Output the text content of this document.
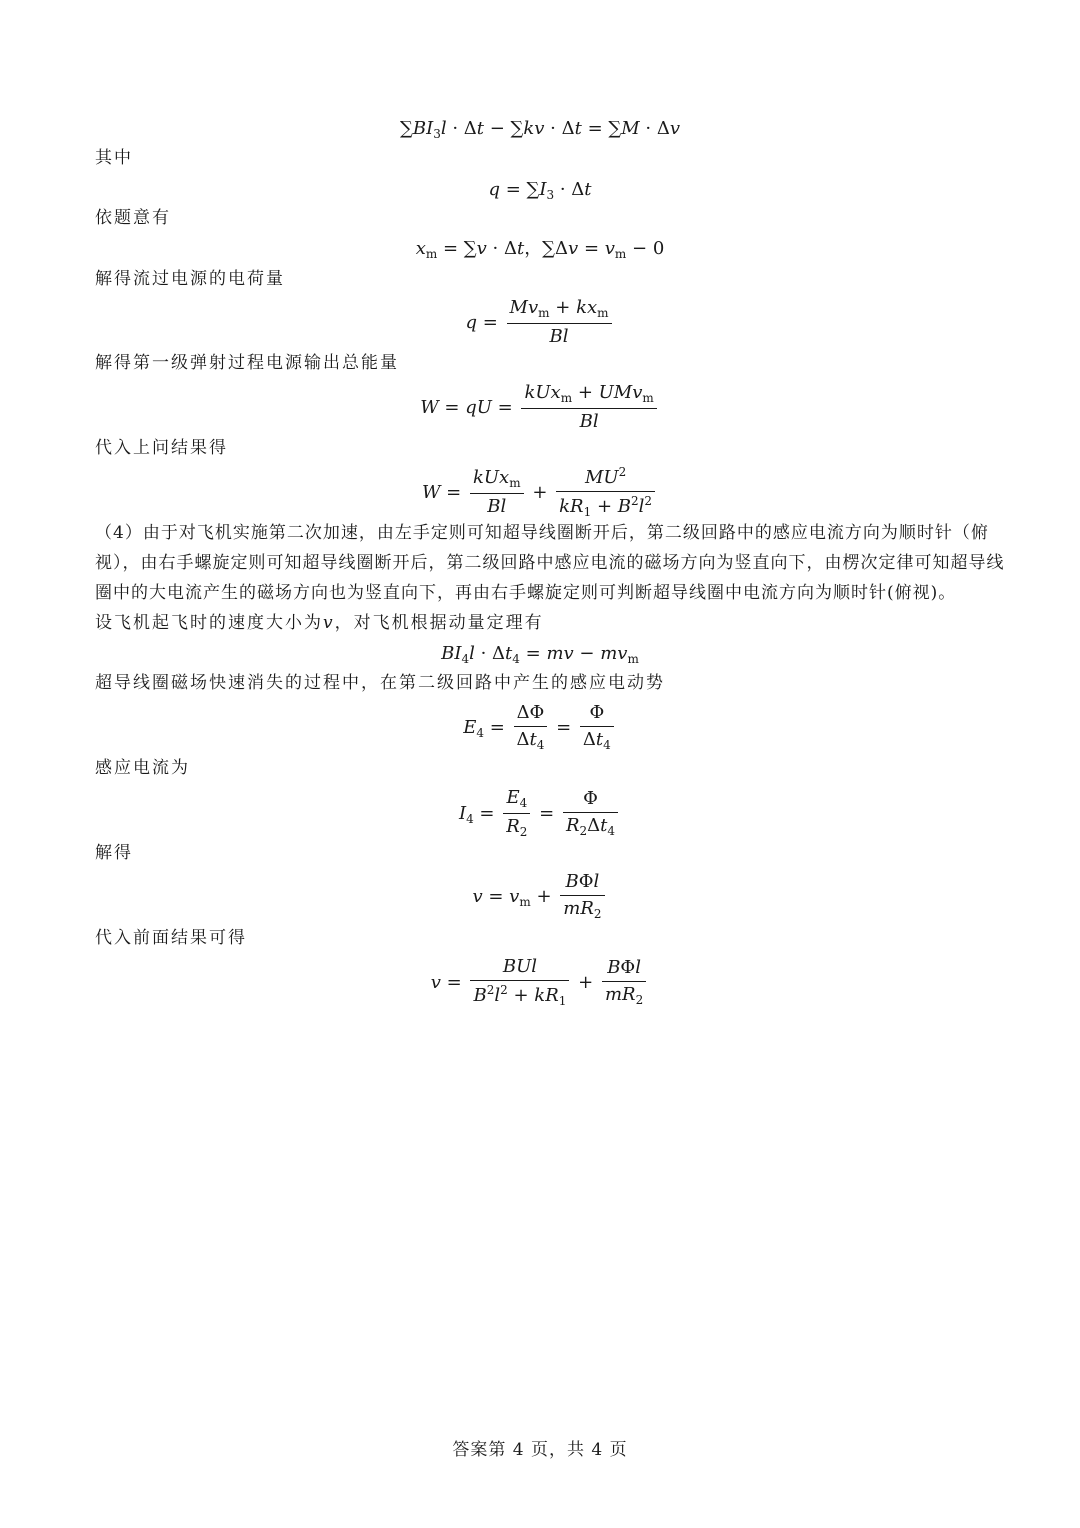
$\sum BI_3l \cdot \Delta t - \sum kv \cdot \Delta t = \sum M \cdot \Delta v$
其中
$q = \sum I_3 \cdot \Delta t$
依题意有
$x_m = \sum v \cdot \Delta t$，$\sum\Delta v = v_m - 0$
解得流过电源的电荷量
$q = \frac{Mv_m + kx_m}{Bl}$
解得第一级弹射过程电源输出总能量
W = qU = $\frac{kUx_m + UMv_m}{Bl}$
代入上问结果得
$W = \frac{kUx_m}{Bl} + \frac{MU^2}{kR_1 + B^2l^2}$
（4）由于对飞机实施第二次加速，由左手定则可知超导线圈断开后，第二级回路中的感应电流方向为顺时针（俯视），由右手螺旋定则可知超导线圈断开后，第二级回路中感应电流的磁场方向为竖直向下，由楞次定律可知超导线圈中的大电流产生的磁场方向也为竖直向下，再由右手螺旋定则可判断超导线圈中电流方向为顺时针(俯视)。
设飞机起飞时的速度大小为v，对飞机根据动量定理有
$BI_4l \cdot \Delta t_4$ = mv − $mv_m$
超导线圈磁场快速消失的过程中，在第二级回路中产生的感应电动势
$E_4 = \frac{\Delta\Phi}{\Delta t_4} = \frac{\Phi}{\Delta t_4}$
感应电流为
$I_4 = \frac{E_4}{R_2} = \frac{\Phi}{R_2\Delta t_4}$
解得
$v = v_m + \frac{\text{BΦl}}{mR_2}$
代入前面结果可得
$v = \frac{\text{BUl}}{B^2l^2 + kR_1} + \frac{\text{BΦl}}{mR_2}$
答案第 4 页，共 4 页
